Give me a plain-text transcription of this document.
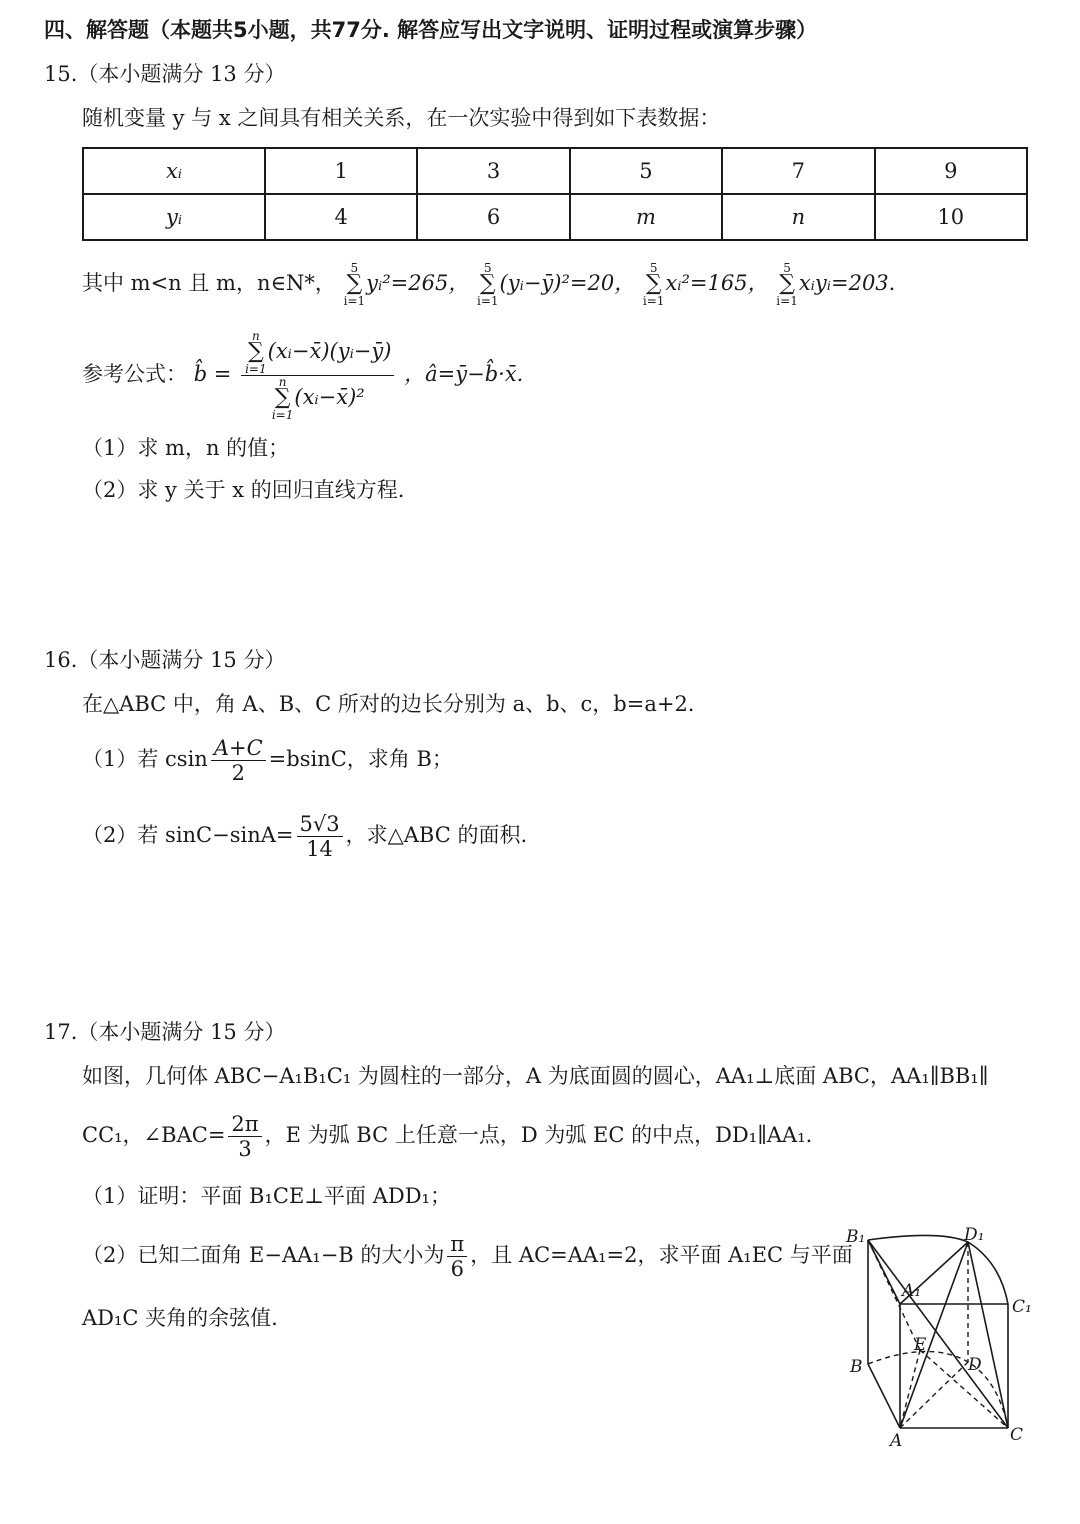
四、解答题（本题共5小题，共77分. 解答应写出文字说明、证明过程或演算步骤）
15.（本小题满分 13 分）
随机变量 y 与 x 之间具有相关关系，在一次实验中得到如下表数据：
xᵢ	1	3	5	7	9
yᵢ	4	6	m	n	10
其中 m<n 且 m，n∈N*，
5
∑
i=1
yᵢ²=265，
5
∑
i=1
(yᵢ−ȳ)²=20，
5
∑
i=1
xᵢ²=165，
5
∑
i=1
xᵢyᵢ=203.
参考公式： b̂ = n
∑
i=1
(xᵢ−x̄)(yᵢ−ȳ)
n
∑
i=1
(xᵢ−x̄)² ，â=ȳ−b̂·x̄.
（1）求 m，n 的值；
（2）求 y 关于 x 的回归直线方程.
16.（本小题满分 15 分）
在△ABC 中，角 A、B、C 所对的边长分别为 a、b、c，b=a+2.
（1）若 csin $\frac{A+C}{2} =bsinC$，求角 B；
（2）若 $\sin C-\sin A= \frac{5√3}{14}$ ，求△ABC 的面积.
17.（本小题满分 15 分）
如图，几何体 ABC−A₁B₁C₁ 为圆柱的一部分，A 为底面圆的圆心，AA₁⊥底面 ABC，AA₁∥BB₁∥
CC₁，∠BAC= $\frac{2\pi}{3}$ ，E 为弧 BC 上任意一点，D 为弧 EC 的中点，DD₁∥AA₁.
（1）证明：平面 B₁CE⊥平面 ADD₁；
（2）已知二面角 E−AA₁−B 的大小为 $\frac{\pi}{6}$ ，且 AC=AA₁=2，求平面 A₁EC 与平面
AD₁C 夹角的余弦值.
B₁	D₁
A₁
C₁
E
D
B
A	C
